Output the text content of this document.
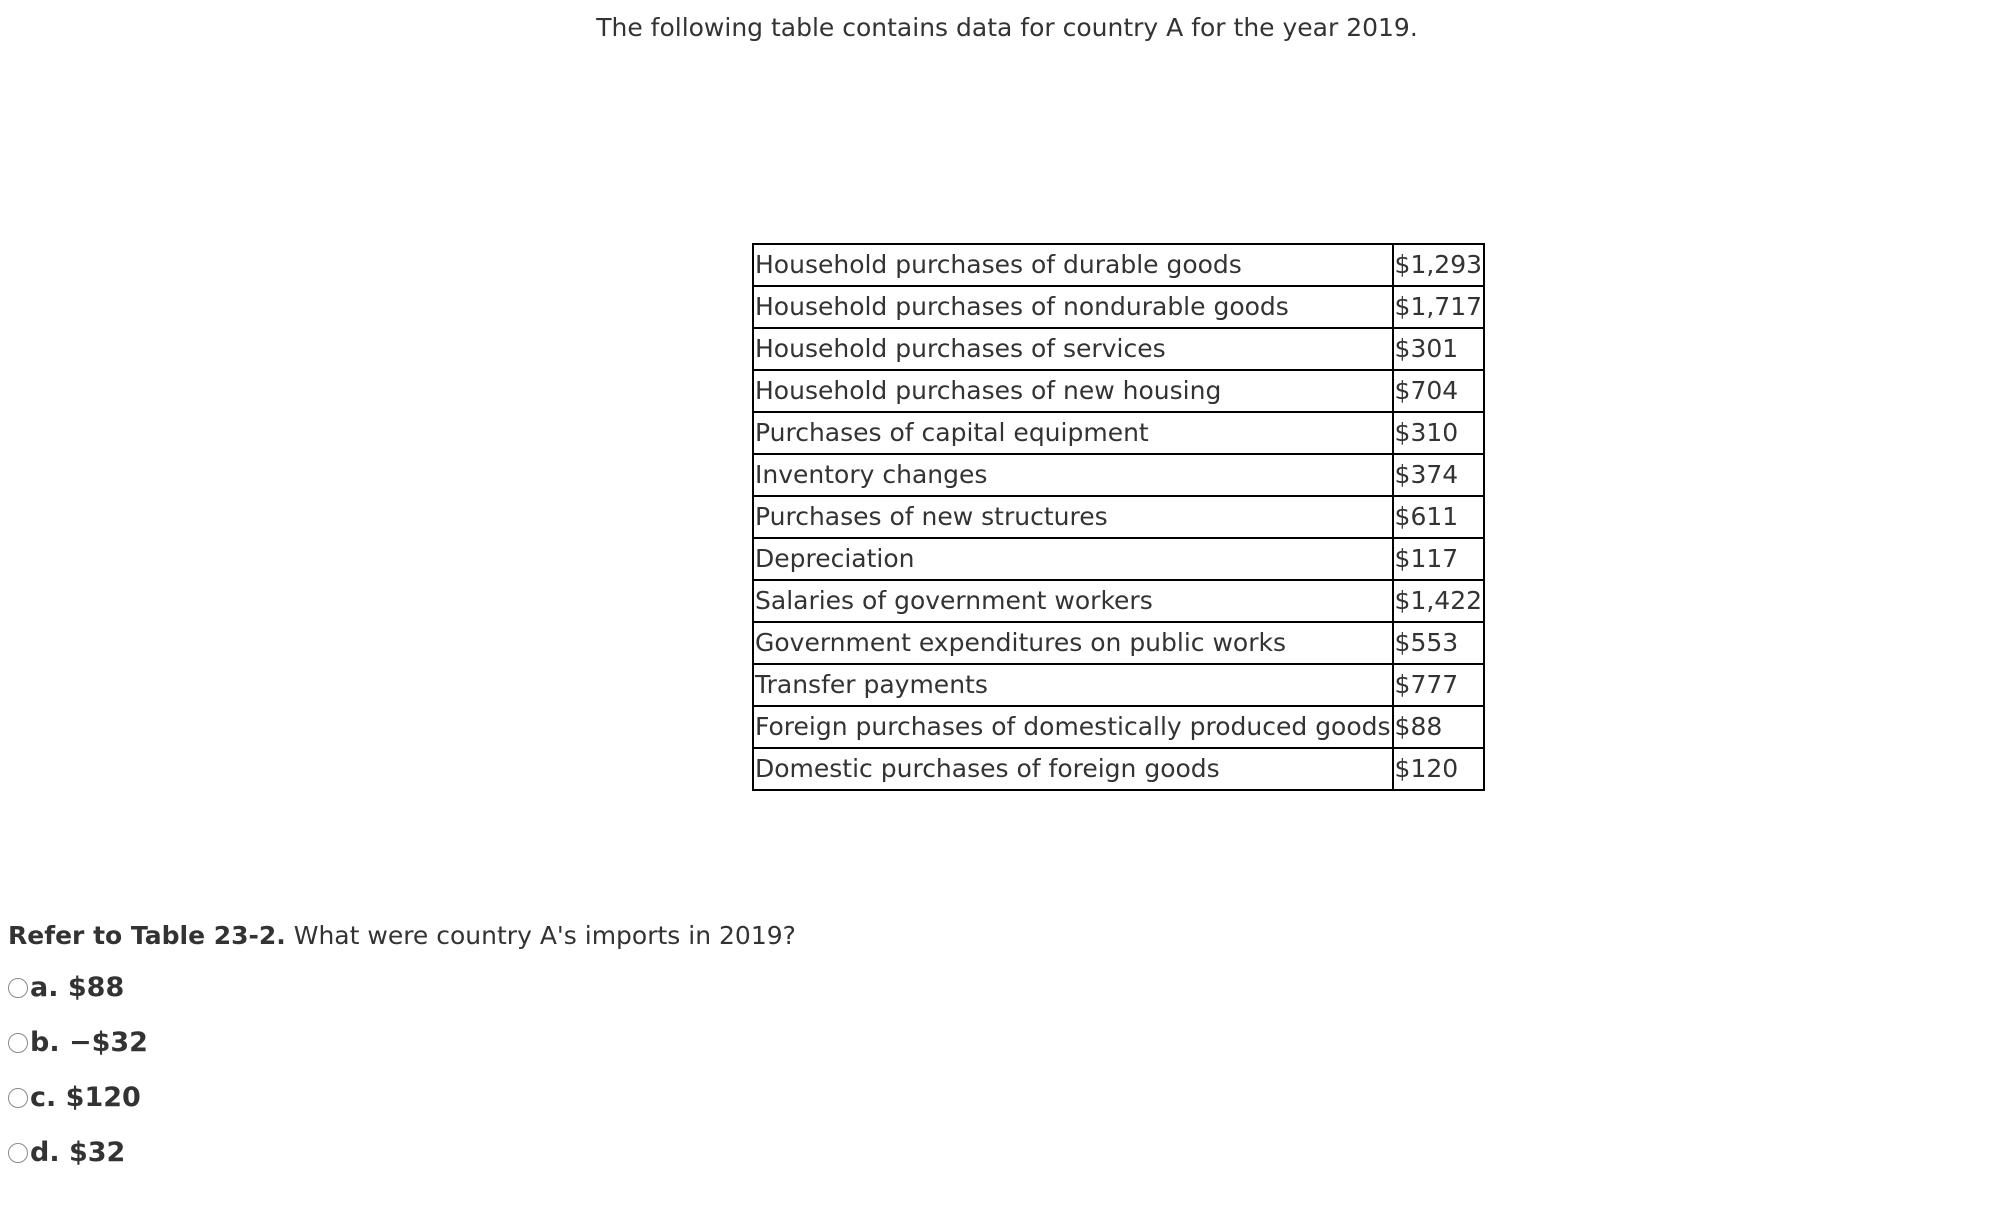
The following table contains data for country A for the year 2019.

Household purchases of durable goods	$1,293
Household purchases of nondurable goods	$1,717
Household purchases of services	$301
Household purchases of new housing	$704
Purchases of capital equipment	$310
Inventory changes	$374
Purchases of new structures	$611
Depreciation	$117
Salaries of government workers	$1,422
Government expenditures on public works	$553
Transfer payments	$777
Foreign purchases of domestically produced goods	$88
Domestic purchases of foreign goods	$120

Refer to Table 23-2. What were country A's imports in 2019?

a. $88
b. −$32
c. $120
d. $32
